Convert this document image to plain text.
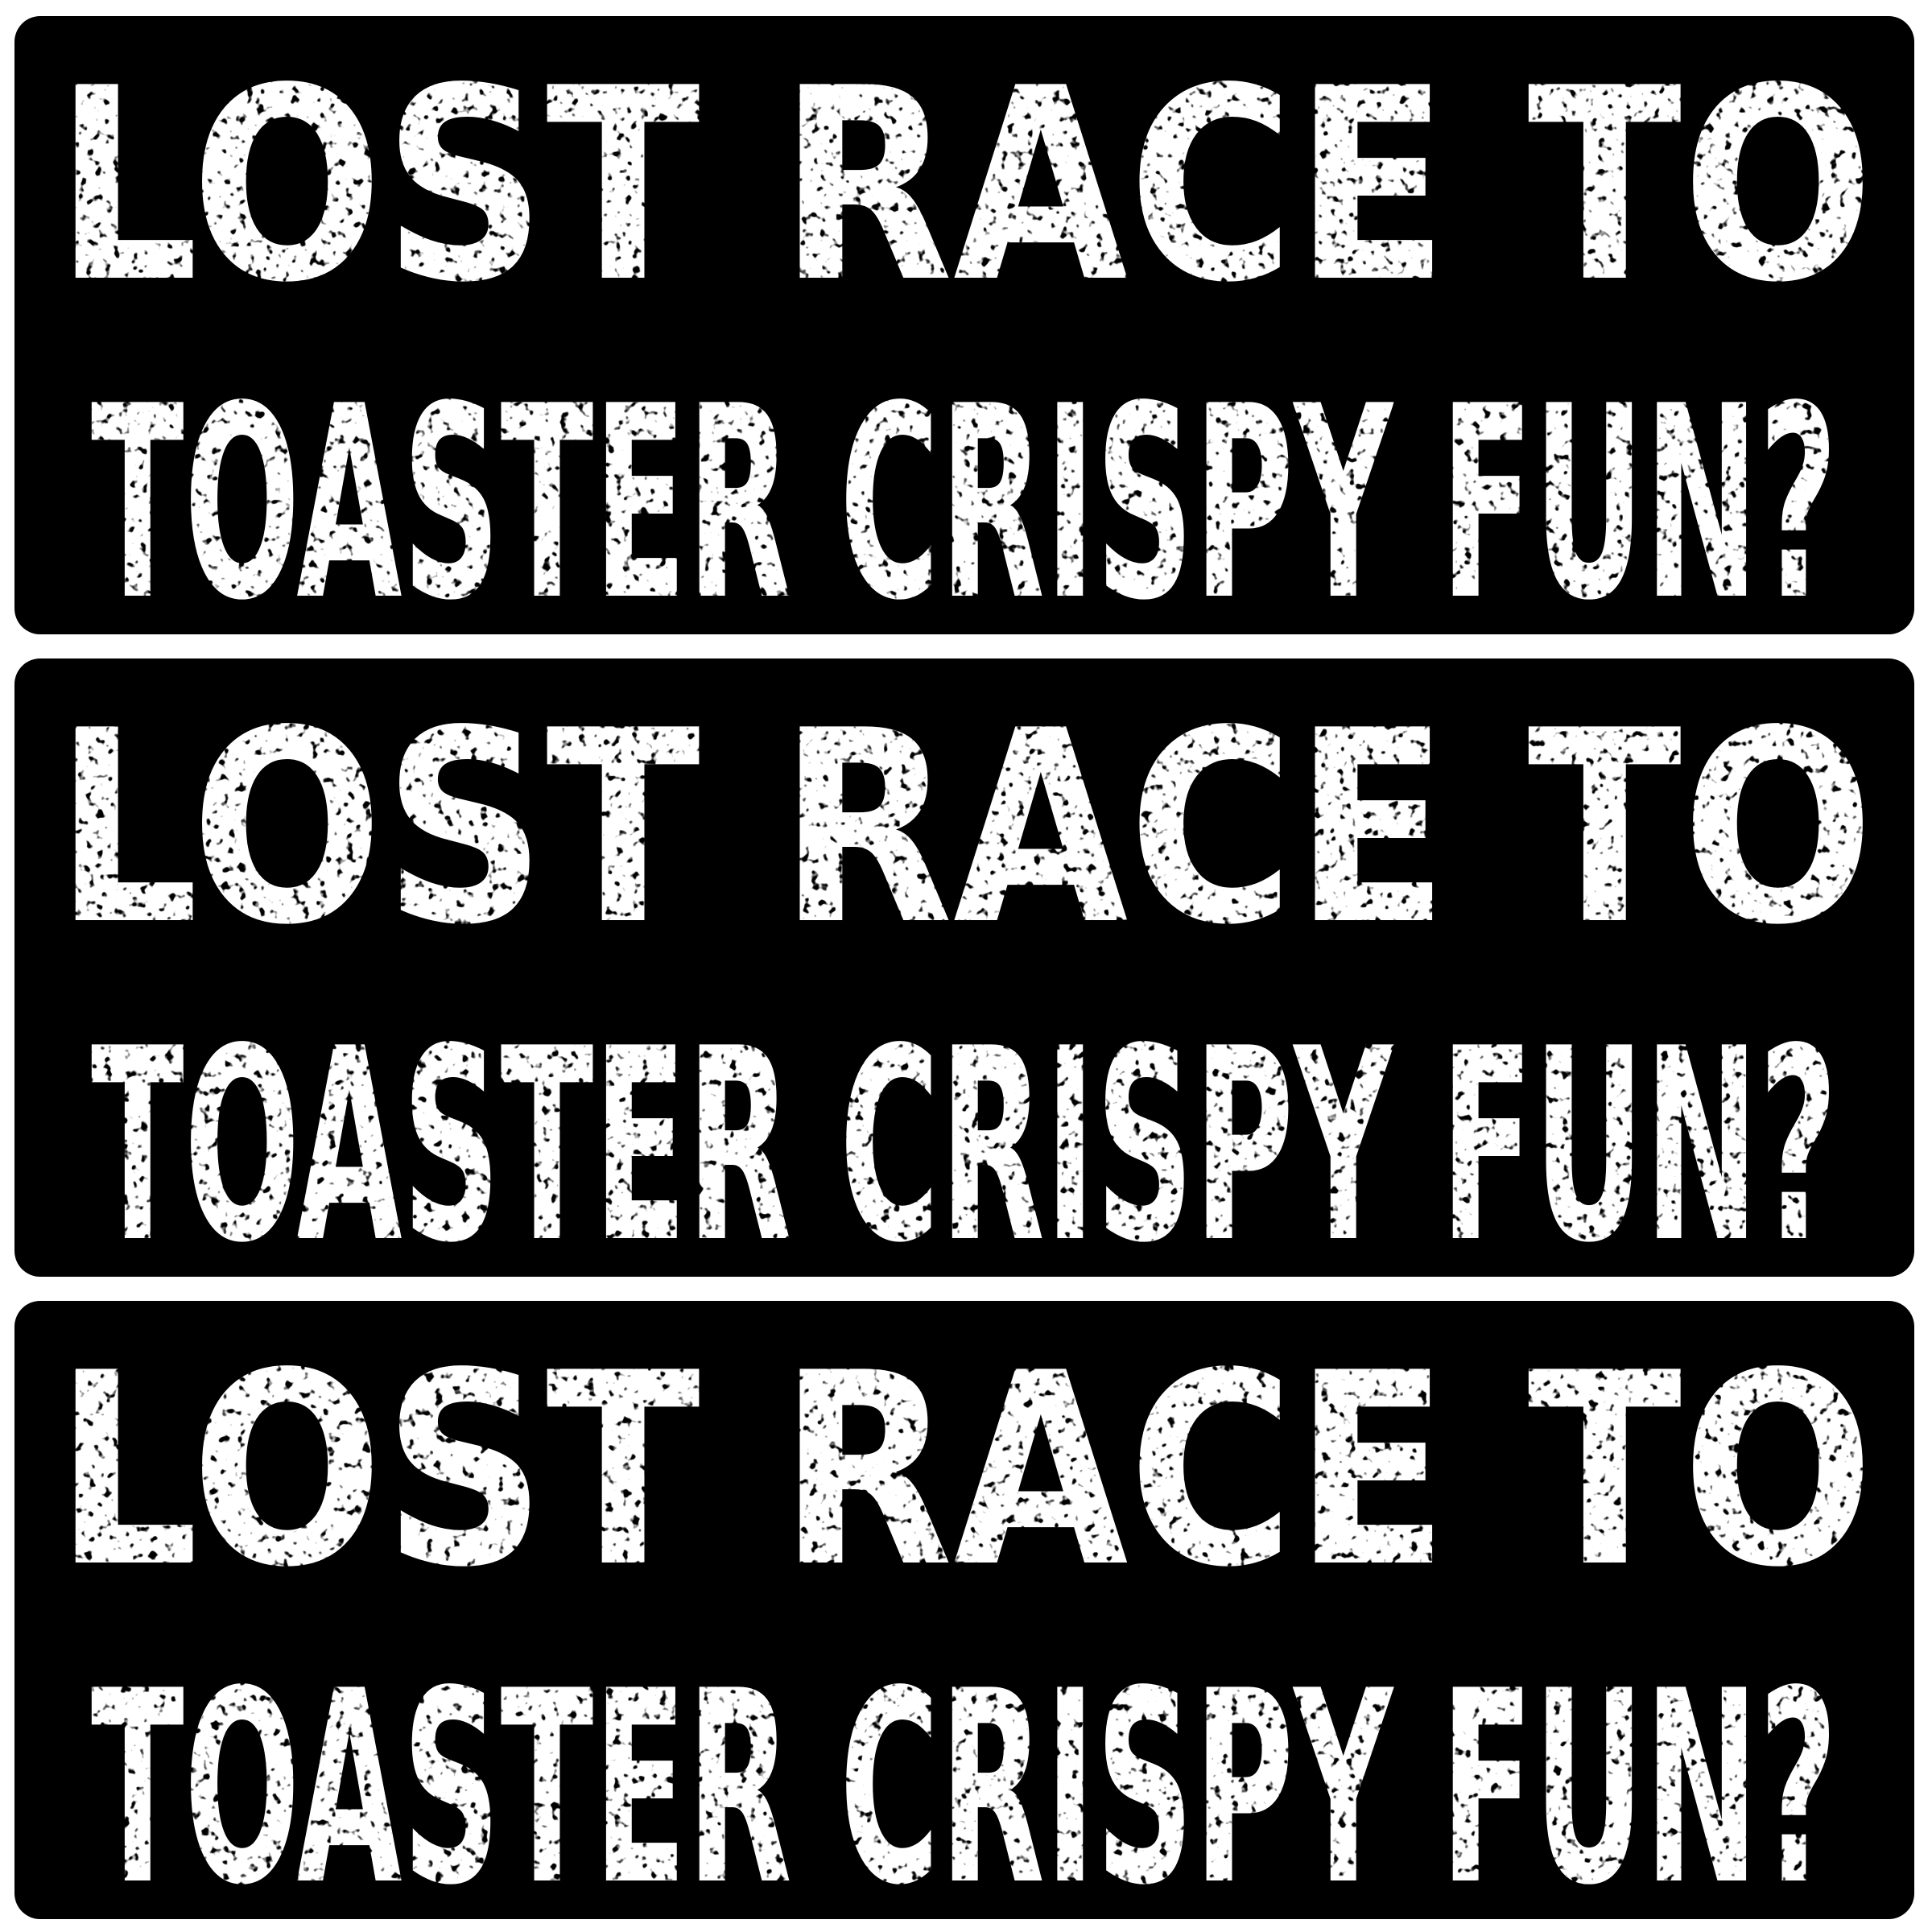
LOST RACE TO
TOASTER CRISPY FUN?
LOST RACE TO
TOASTER CRISPY FUN?
LOST RACE TO
TOASTER CRISPY FUN?
